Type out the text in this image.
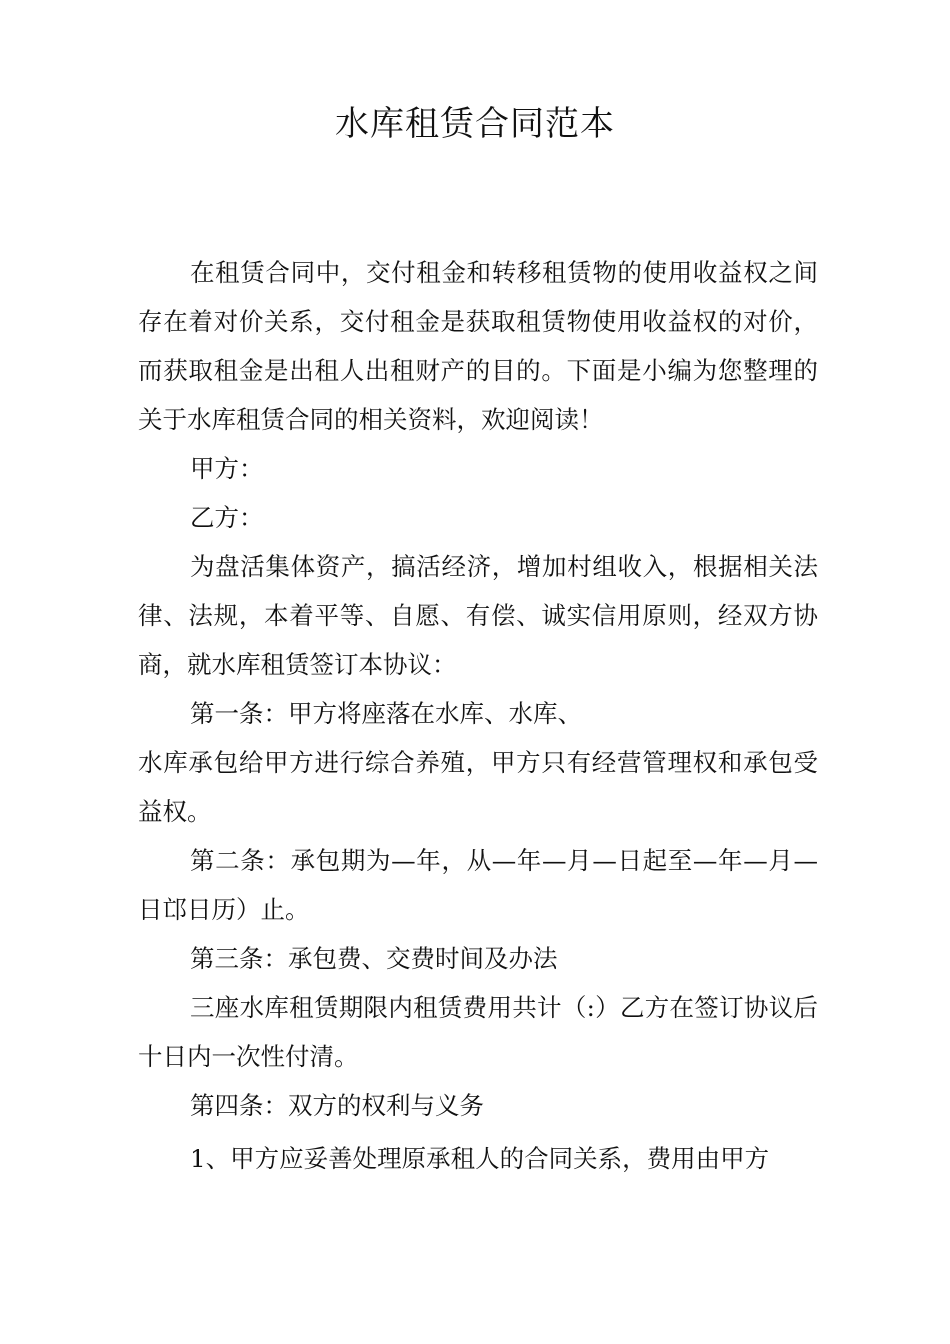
水库租赁合同范本

在租赁合同中，交付租金和转移租赁物的使用收益权之间存在着对价关系，交付租金是获取租赁物使用收益权的对价，而获取租金是出租人出租财产的目的。下面是小编为您整理的关于水库租赁合同的相关资料，欢迎阅读！

甲方：

乙方：

为盘活集体资产，搞活经济，增加村组收入，根据相关法律、法规，本着平等、自愿、有偿、诚实信用原则，经双方协商，就水库租赁签订本协议：

第一条：甲方将座落在水库、水库、

水库承包给甲方进行综合养殖，甲方只有经营管理权和承包受益权。

第二条：承包期为—年，从—年—月—日起至—年—月—日邙日历）止。

第三条：承包费、交费时间及办法

三座水库租赁期限内租赁费用共计（:）乙方在签订协议后十日内一次性付清。

第四条：双方的权利与义务

1、甲方应妥善处理原承租人的合同关系，费用由甲方
